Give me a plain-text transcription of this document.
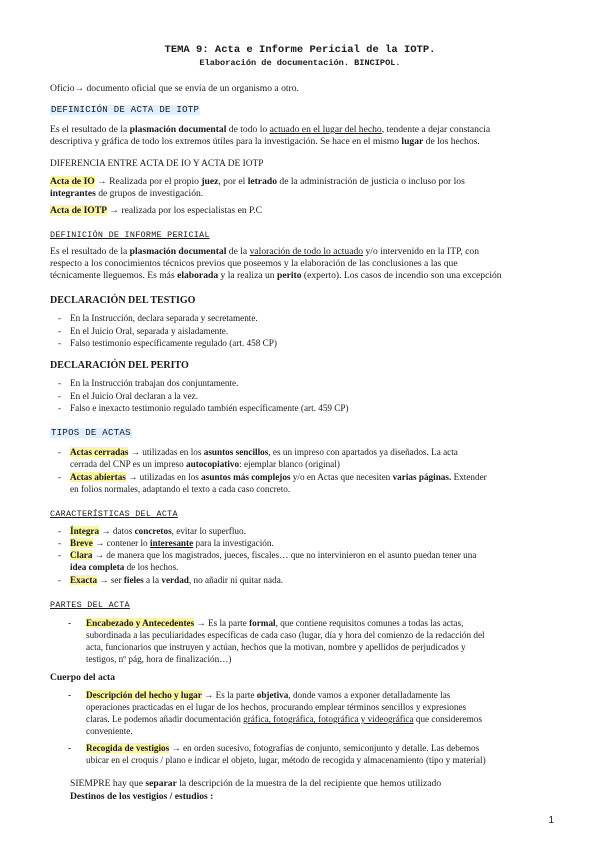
TEMA 9: Acta e Informe Pericial de la IOTP.
Elaboración de documentación. BINCIPOL.
Oficio→ documento oficial que se envía de un organismo a otro.
DEFINICIÓN DE ACTA DE IOTP
Es el resultado de la plasmación documental de todo lo actuado en el lugar del hecho, tendente a dejar constancia
descriptiva y gráfica de todo los extremos útiles para la investigación. Se hace en el mismo lugar de los hechos.
DIFERENCIA ENTRE ACTA DE IO Y ACTA DE IOTP
Acta de IO → Realizada por el propio juez, por el letrado de la administración de justicia o incluso por los
integrantes de grupos de investigación.
Acta de IOTP → realizada por los especialistas en P.C
DEFINICIÓN DE INFORME PERICIAL
Es el resultado de la plasmación documental de la valoración de todo lo actuado y/o intervenido en la ITP, con
respecto a los conocimientos técnicos previos que poseemos y la elaboración de las conclusiones a las que
técnicamente lleguemos. Es más elaborada y la realiza un perito (experto). Los casos de incendio son una excepción
DECLARACIÓN DEL TESTIGO
- En la Instrucción, declara separada y secretamente.
- En el Juicio Oral, separada y aisladamente.
- Falso testimonio específicamente regulado (art. 458 CP)
DECLARACIÓN DEL PERITO
- En la Instrucción trabajan dos conjuntamente.
- En el Juicio Oral declaran a la vez.
- Falso e inexacto testimonio regulado también específicamente (art. 459 CP)
TIPOS DE ACTAS
- Actas cerradas → utilizadas en los asuntos sencillos, es un impreso con apartados ya diseñados. La acta
cerrada del CNP es un impreso autocopiativo: ejemplar blanco (original)
- Actas abiertas → utilizadas en los asuntos más complejos y/o en Actas que necesiten varias páginas. Extender
en folios normales, adaptando el texto a cada caso concreto.
CARACTERÍSTICAS DEL ACTA
- Íntegra → datos concretos, evitar lo superfluo.
- Breve → contener lo interesante para la investigación.
- Clara → de manera que los magistrados, jueces, fiscales… que no intervinieron en el asunto puedan tener una
idea completa de los hechos.
- Exacta → ser fieles a la verdad, no añadir ni quitar nada.
PARTES DEL ACTA
- Encabezado y Antecedentes → Es la parte formal, que contiene requisitos comunes a todas las actas,
subordinada a las peculiaridades específicas de cada caso (lugar, día y hora del comienzo de la redacción del
acta, funcionarios que instruyen y actúan, hechos que la motivan, nombre y apellidos de perjudicados y
testigos, nº pág, hora de finalización…)
Cuerpo del acta
- Descripción del hecho y lugar → Es la parte objetiva, donde vamos a exponer detalladamente las
operaciones practicadas en el lugar de los hechos, procurando emplear términos sencillos y expresiones
claras. Le podemos añadir documentación gráfica, fotográfica, fotográfica y videográfica que consideremos
conveniente.
- Recogida de vestigios → en orden sucesivo, fotografías de conjunto, semiconjunto y detalle. Las debemos
ubicar en el croquis / plano e indicar el objeto, lugar, método de recogida y almacenamiento (tipo y material)
SIEMPRE hay que separar la descripción de la muestra de la del recipiente que hemos utilizado
Destinos de los vestigios / estudios :
1
